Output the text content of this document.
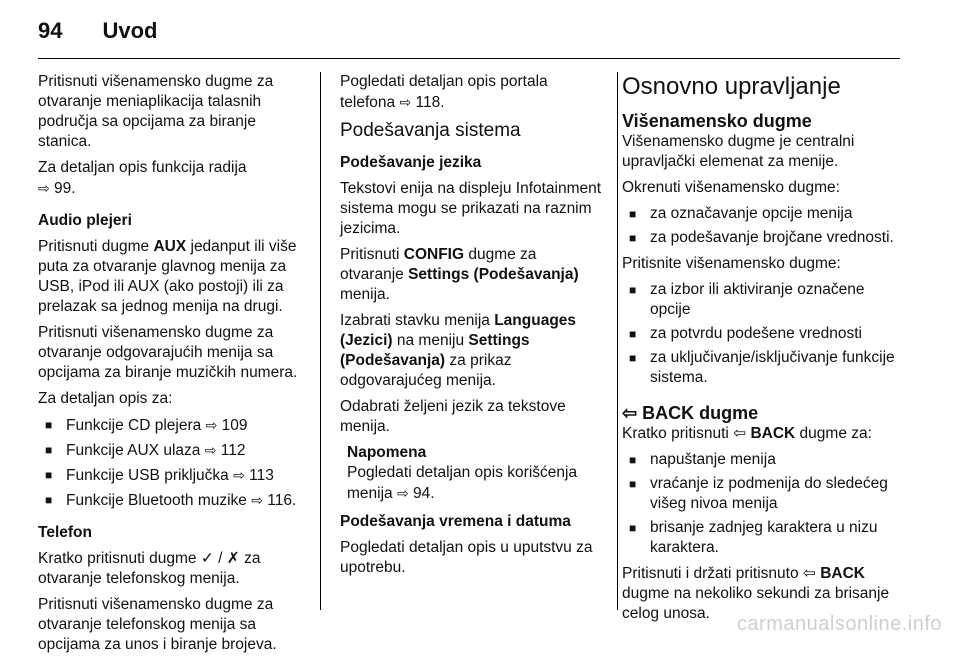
94 Uvod

Pritisnuti višenamensko dugme za otvaranje meniaplikacija talasnih područja sa opcijama za biranje stanica.

Za detaljan opis funkcija radija
⇨ 99.

Audio plejeri

Pritisnuti dugme AUX jedanput ili više puta za otvaranje glavnog menija za USB, iPod ili AUX (ako postoji) ili za prelazak sa jednog menija na drugi.

Pritisnuti višenamensko dugme za otvaranje odgovarajućih menija sa opcijama za biranje muzičkih numera.

Za detaljan opis za:

■ Funkcije CD plejera ⇨ 109
■ Funkcije AUX ulaza ⇨ 112
■ Funkcije USB priključka ⇨ 113
■ Funkcije Bluetooth muzike ⇨ 116.

Telefon

Kratko pritisnuti dugme ✓ / ✗ za otvaranje telefonskog menija.

Pritisnuti višenamensko dugme za otvaranje telefonskog menija sa opcijama za unos i biranje brojeva.

Pogledati detaljan opis portala telefona ⇨ 118.

Podešavanja sistema

Podešavanje jezika

Tekstovi enija na displeju Infotainment sistema mogu se prikazati na raznim jezicima.

Pritisnuti CONFIG dugme za otvaranje Settings (Podešavanja) menija.

Izabrati stavku menija Languages (Jezici) na meniju Settings (Podešavanja) za prikaz odgovarajućeg menija.

Odabrati željeni jezik za tekstove menija.

Napomena
Pogledati detaljan opis korišćenja menija ⇨ 94.

Podešavanja vremena i datuma

Pogledati detaljan opis u uputstvu za upotrebu.

Osnovno upravljanje
Višenamensko dugme

Višenamensko dugme je centralni upravljački elemenat za menije.

Okrenuti višenamensko dugme:

■ za označavanje opcije menija
■ za podešavanje brojčane vrednosti.

Pritisnite višenamensko dugme:

■ za izbor ili aktiviranje označene opcije
■ za potvrdu podešene vrednosti
■ za uključivanje/isključivanje funkcije sistema.
⇦ BACK dugme

Kratko pritisnuti ⇦ BACK dugme za:

■ napuštanje menija
■ vraćanje iz podmenija do sledećeg višeg nivoa menija
■ brisanje zadnjeg karaktera u nizu karaktera.

Pritisnuti i držati pritisnuto ⇦ BACK dugme na nekoliko sekundi za brisanje celog unosa.	carmanualsonline.info
